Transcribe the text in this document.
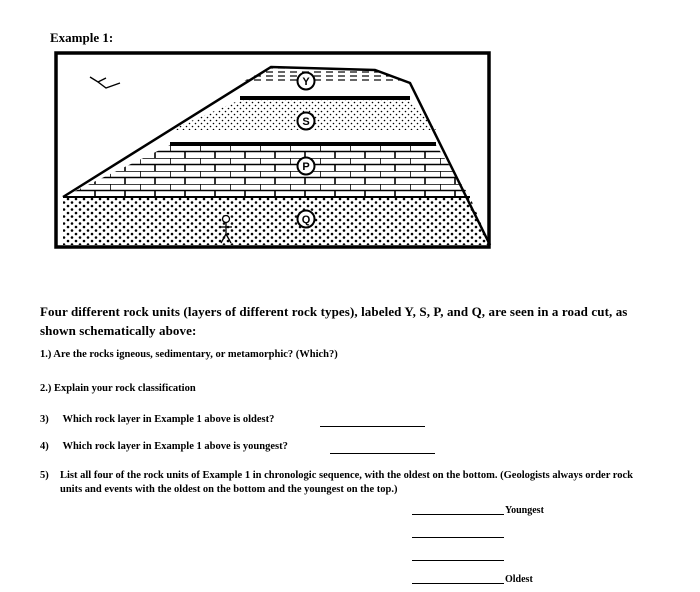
Example 1:
Y
S
P
Q
Four different rock units (layers of different rock types), labeled Y, S, P, and Q, are seen in a road cut, as shown schematically above:
1.) Are the rocks igneous, sedimentary, or metamorphic? (Which?)
2.) Explain your rock classification
3) Which rock layer in Example 1 above is oldest?
4) Which rock layer in Example 1 above is youngest?
5) List all four of the rock units of Example 1 in chronologic sequence, with the oldest on the bottom. (Geologists always order rock units and events with the oldest on the bottom and the youngest on the top.)
Youngest
Oldest
